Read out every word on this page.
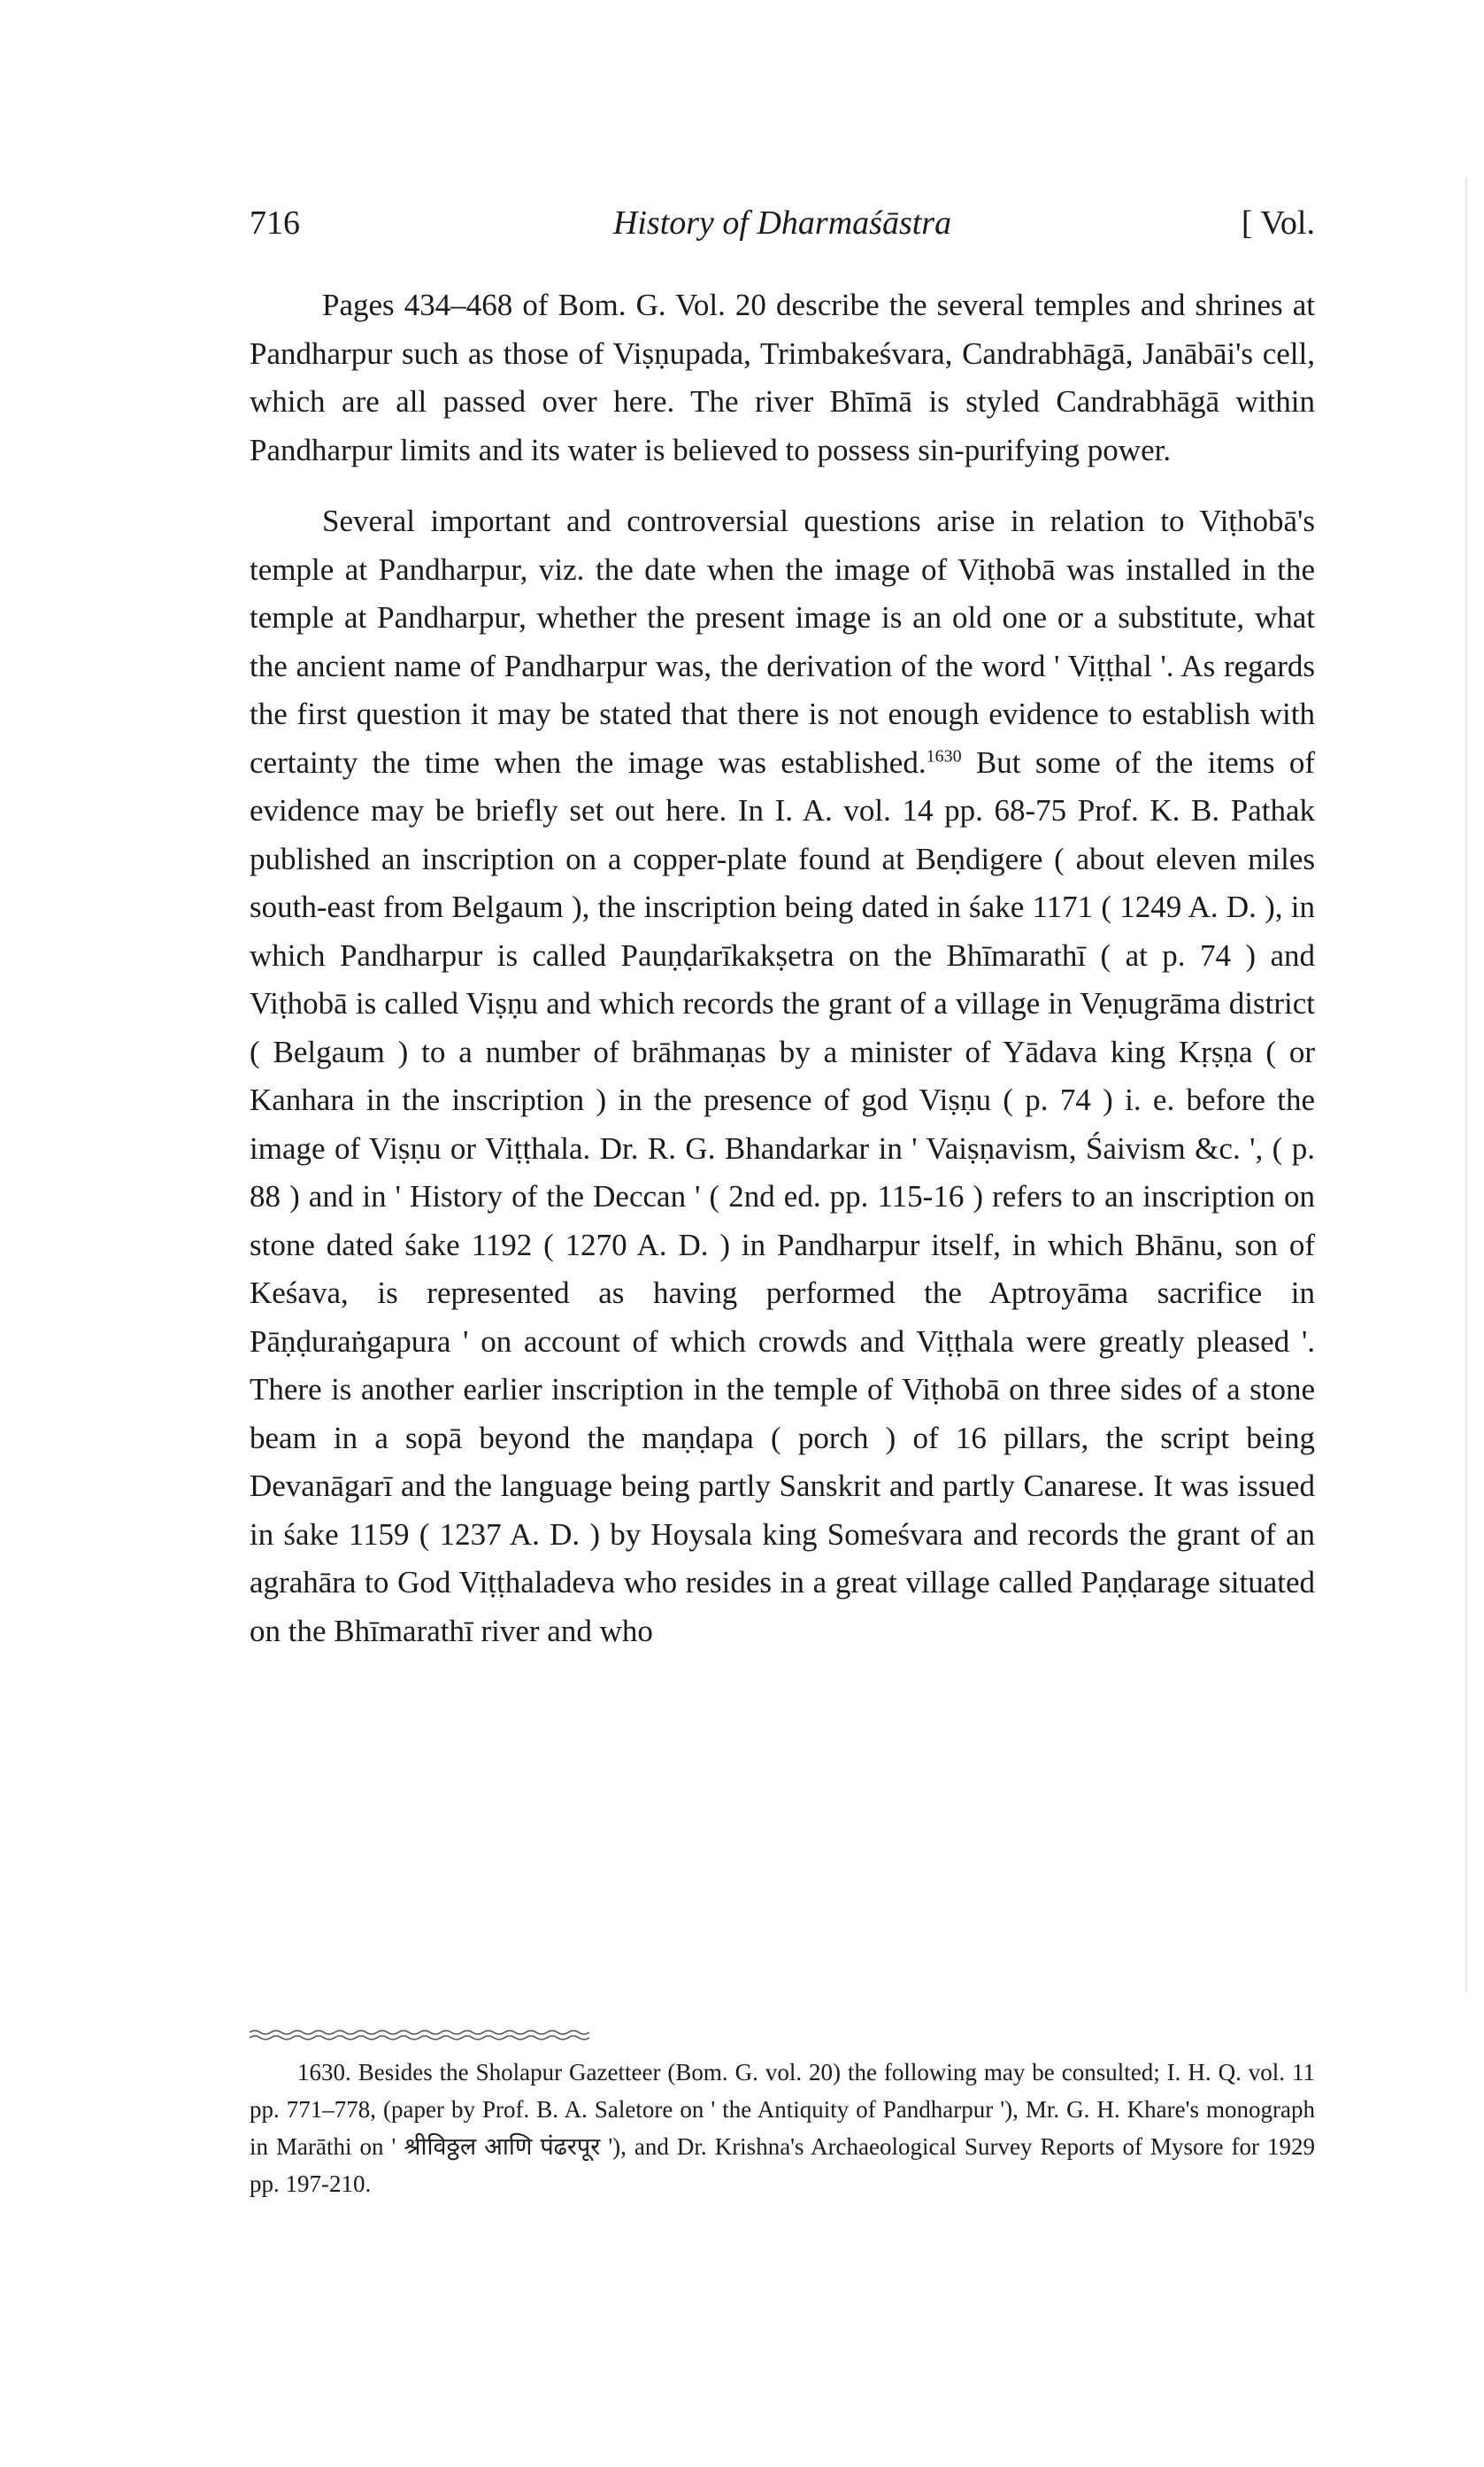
716	History of Dharmaśāstra	[ Vol.

Pages 434–468 of Bom. G. Vol. 20 describe the several temples and shrines at Pandharpur such as those of Viṣṇupada, Trimbakeśvara, Candrabhāgā, Janābāi's cell, which are all passed over here. The river Bhīmā is styled Candrabhāgā within Pandharpur limits and its water is believed to possess sin-purifying power.

Several important and controversial questions arise in relation to Viṭhobā's temple at Pandharpur, viz. the date when the image of Viṭhobā was installed in the temple at Pandharpur, whether the present image is an old one or a substitute, what the ancient name of Pandharpur was, the derivation of the word ' Viṭṭhal '. As regards the first question it may be stated that there is not enough evidence to establish with certainty the time when the image was established.$^{1630}$ But some of the items of evidence may be briefly set out here. In I. A. vol. 14 pp. 68-75 Prof. K. B. Pathak published an inscription on a copper-plate found at Beṇdigere ( about eleven miles south-east from Belgaum ), the inscription being dated in śake 1171 ( 1249 A. D. ), in which Pandharpur is called Pauṇḍarīkakṣetra on the Bhīmarathī ( at p. 74 ) and Viṭhobā is called Viṣṇu and which records the grant of a village in Veṇugrāma district ( Belgaum ) to a number of brāhmaṇas by a minister of Yādava king Kṛṣṇa ( or Kanhara in the inscription ) in the presence of god Viṣṇu ( p. 74 ) i. e. before the image of Viṣṇu or Viṭṭhala. Dr. R. G. Bhandarkar in ' Vaiṣṇavism, Śaivism &c. ', ( p. 88 ) and in ' History of the Deccan ' ( 2nd ed. pp. 115-16 ) refers to an inscription on stone dated śake 1192 ( 1270 A. D. ) in Pandharpur itself, in which Bhānu, son of Keśava, is represented as having performed the Aptroyāma sacrifice in Pāṇḍuraṅgapura ' on account of which crowds and Viṭṭhala were greatly pleased '. There is another earlier inscription in the temple of Viṭhobā on three sides of a stone beam in a sopā beyond the maṇḍapa ( porch ) of 16 pillars, the script being Devanāgarī and the language being partly Sanskrit and partly Canarese. It was issued in śake 1159 ( 1237 A. D. ) by Hoysala king Someśvara and records the grant of an agrahāra to God Viṭṭhaladeva who resides in a great village called Paṇḍarage situated on the Bhīmarathī river and who

1630. Besides the Sholapur Gazetteer (Bom. G. vol. 20) the following may be consulted; I. H. Q. vol. 11 pp. 771–778, (paper by Prof. B. A. Saletore on ' the Antiquity of Pandharpur '), Mr. G. H. Khare's monograph in Marāthi on ' श्रीविठ्ठल आणि पंढरपूर '), and Dr. Krishna's Archaeological Survey Reports of Mysore for 1929 pp. 197-210.
